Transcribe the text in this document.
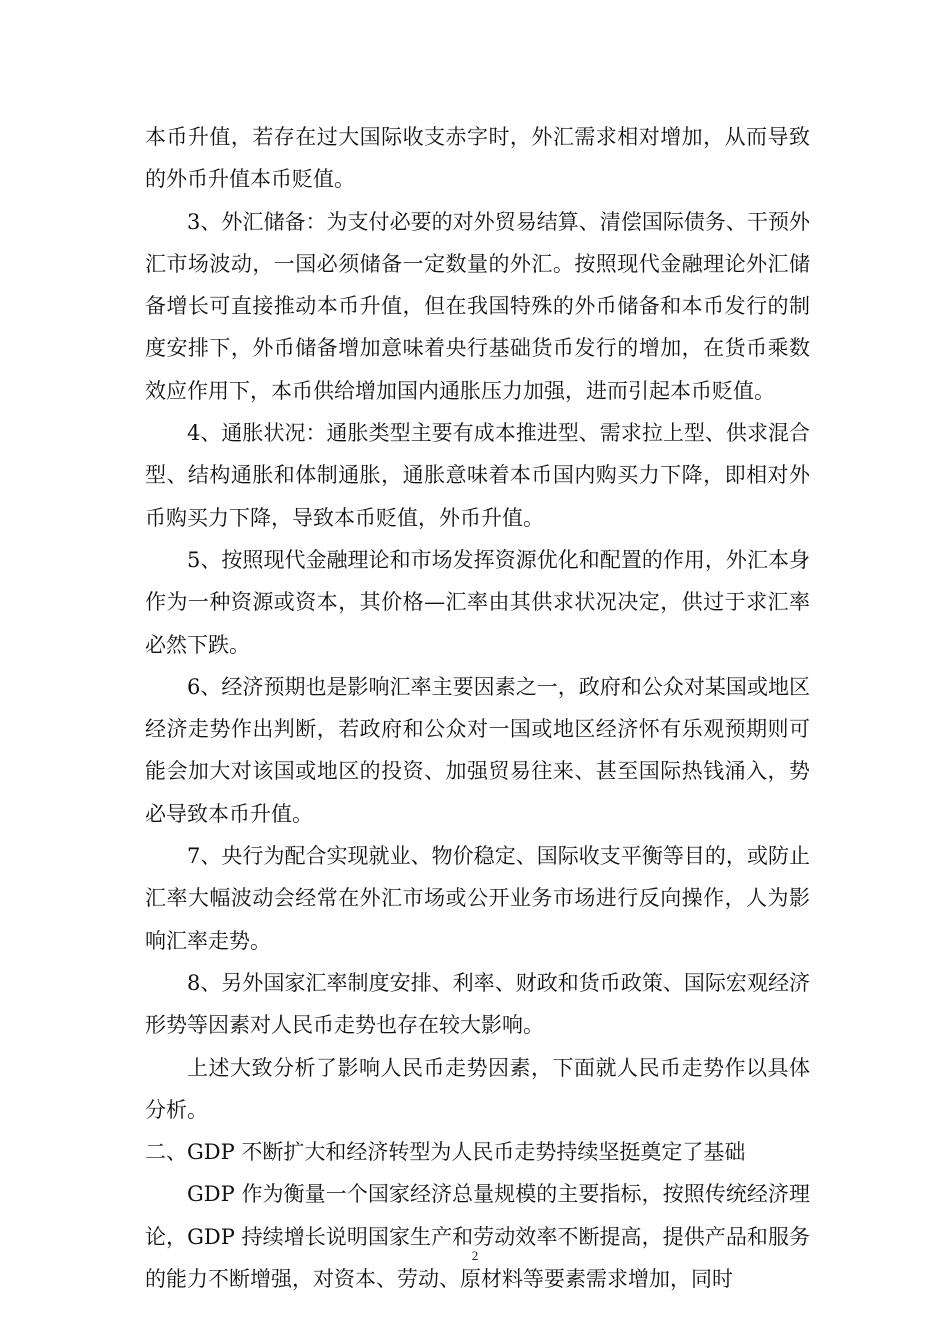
本币升值，若存在过大国际收支赤字时，外汇需求相对增加，从而导致的外币升值本币贬值。

3、外汇储备：为支付必要的对外贸易结算、清偿国际债务、干预外汇市场波动，一国必须储备一定数量的外汇。按照现代金融理论外汇储备增长可直接推动本币升值，但在我国特殊的外币储备和本币发行的制度安排下，外币储备增加意味着央行基础货币发行的增加，在货币乘数效应作用下，本币供给增加国内通胀压力加强，进而引起本币贬值。

4、通胀状况：通胀类型主要有成本推进型、需求拉上型、供求混合型、结构通胀和体制通胀，通胀意味着本币国内购买力下降，即相对外币购买力下降，导致本币贬值，外币升值。

5、按照现代金融理论和市场发挥资源优化和配置的作用，外汇本身作为一种资源或资本，其价格—汇率由其供求状况决定，供过于求汇率必然下跌。

6、经济预期也是影响汇率主要因素之一，政府和公众对某国或地区经济走势作出判断，若政府和公众对一国或地区经济怀有乐观预期则可能会加大对该国或地区的投资、加强贸易往来、甚至国际热钱涌入，势必导致本币升值。

7、央行为配合实现就业、物价稳定、国际收支平衡等目的，或防止汇率大幅波动会经常在外汇市场或公开业务市场进行反向操作，人为影响汇率走势。

8、另外国家汇率制度安排、利率、财政和货币政策、国际宏观经济形势等因素对人民币走势也存在较大影响。

上述大致分析了影响人民币走势因素，下面就人民币走势作以具体分析。

二、GDP 不断扩大和经济转型为人民币走势持续坚挺奠定了基础

GDP 作为衡量一个国家经济总量规模的主要指标，按照传统经济理论，GDP 持续增长说明国家生产和劳动效率不断提高，提供产品和服务的能力不断增强，对资本、劳动、原材料等要素需求增加，同时

2
